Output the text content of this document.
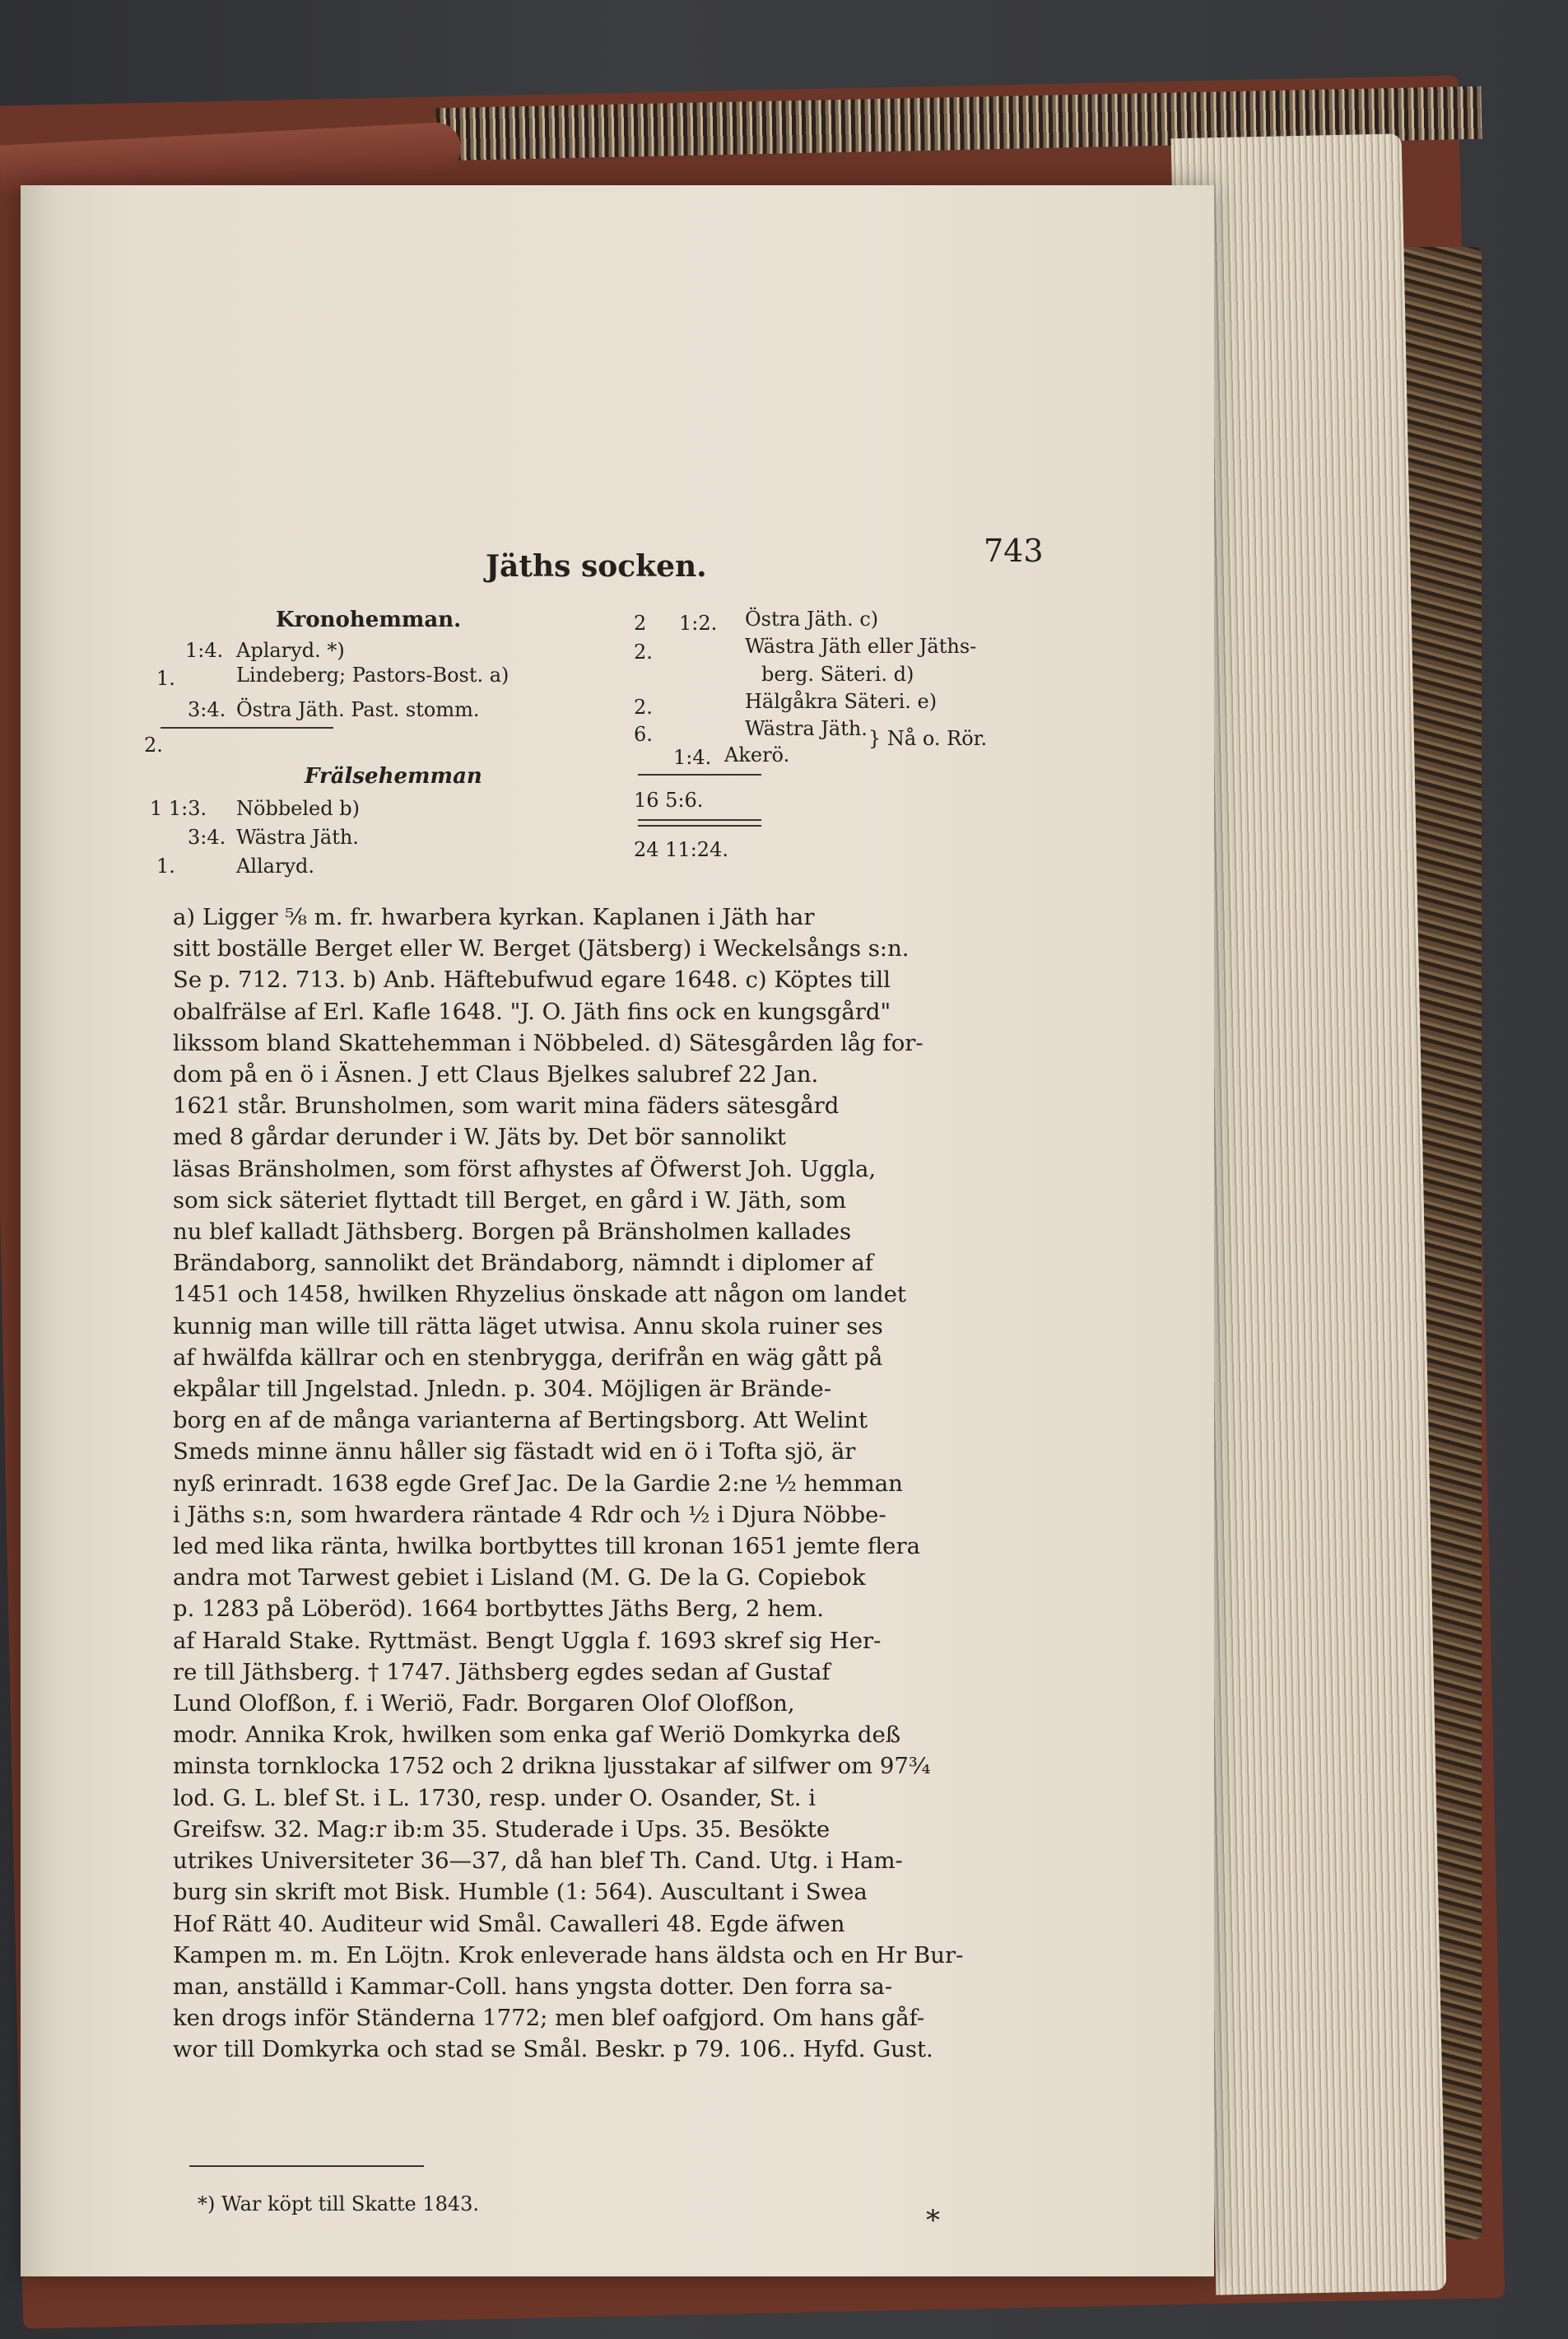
Jäths socken.	743
Kronohemman.
1:4. Aplaryd. *)
1.	Lindeberg; Pastors-Bost. a)
3:4. Östra Jäth. Past. stomm.
2.
Frälsehemman
1 1:3. Nöbbeled b)
3:4. Wästra Jäth.
1.	Allaryd.
2 1:2. Östra Jäth. c)
2.	Wästra Jäth eller Jäths-
berg. Säteri. d)
2.	Hälgåkra Säteri. e)
6.	Wästra Jäth. } Nå o. Rör.
1:4. Akerö.
16 5:6.
24 11:24.
a) Ligger ⅝ m. fr. hwarbera kyrkan. Kaplanen i Jäth har
sitt boställe Berget eller W. Berget (Jätsberg) i Weckelsångs s:n.
Se p. 712. 713. b) Anb. Häftebufwud egare 1648. c) Köptes till
obalfrälse af Erl. Kafle 1648. "J. O. Jäth fins ock en kungsgård"
likssom bland Skattehemman i Nöbbeled. d) Sätesgården låg for-
dom på en ö i Äsnen. J ett Claus Bjelkes salubref 22 Jan.
1621 står. Brunsholmen, som warit mina fäders sätesgård
med 8 gårdar derunder i W. Jäts by. Det bör sannolikt
läsas Bränsholmen, som först afhystes af Öfwerst Joh. Uggla,
som sick säteriet flyttadt till Berget, en gård i W. Jäth, som
nu blef kalladt Jäthsberg. Borgen på Bränsholmen kallades
Brändaborg, sannolikt det Brändaborg, nämndt i diplomer af
1451 och 1458, hwilken Rhyzelius önskade att någon om landet
kunnig man wille till rätta läget utwisa. Annu skola ruiner ses
af hwälfda källrar och en stenbrygga, derifrån en wäg gått på
ekpålar till Jngelstad. Jnledn. p. 304. Möjligen är Brände-
borg en af de många varianterna af Bertingsborg. Att Welint
Smeds minne ännu håller sig fästadt wid en ö i Tofta sjö, är
nyß erinradt. 1638 egde Gref Jac. De la Gardie 2:ne ½ hemman
i Jäths s:n, som hwardera räntade 4 Rdr och ½ i Djura Nöbbe-
led med lika ränta, hwilka bortbyttes till kronan 1651 jemte flera
andra mot Tarwest gebiet i Lisland (M. G. De la G. Copiebok
p. 1283 på Löberöd). 1664 bortbyttes Jäths Berg, 2 hem.
af Harald Stake. Ryttmäst. Bengt Uggla f. 1693 skref sig Her-
re till Jäthsberg. † 1747. Jäthsberg egdes sedan af Gustaf
Lund Olofßon, f. i Weriö, Fadr. Borgaren Olof Olofßon,
modr. Annika Krok, hwilken som enka gaf Weriö Domkyrka deß
minsta tornklocka 1752 och 2 drikna ljusstakar af silfwer om 97¾
lod. G. L. blef St. i L. 1730, resp. under O. Osander, St. i
Greifsw. 32. Mag:r ib:m 35. Studerade i Ups. 35. Besökte
utrikes Universiteter 36—37, då han blef Th. Cand. Utg. i Ham-
burg sin skrift mot Bisk. Humble (1: 564). Auscultant i Swea
Hof Rätt 40. Auditeur wid Smål. Cawalleri 48. Egde äfwen
Kampen m. m. En Löjtn. Krok enleverade hans äldsta och en Hr Bur-
man, anställd i Kammar-Coll. hans yngsta dotter. Den forra sa-
ken drogs inför Ständerna 1772; men blef oafgjord. Om hans gåf-
wor till Domkyrka och stad se Smål. Beskr. p 79. 106.. Hyfd. Gust.
*) War köpt till Skatte 1843.	*
